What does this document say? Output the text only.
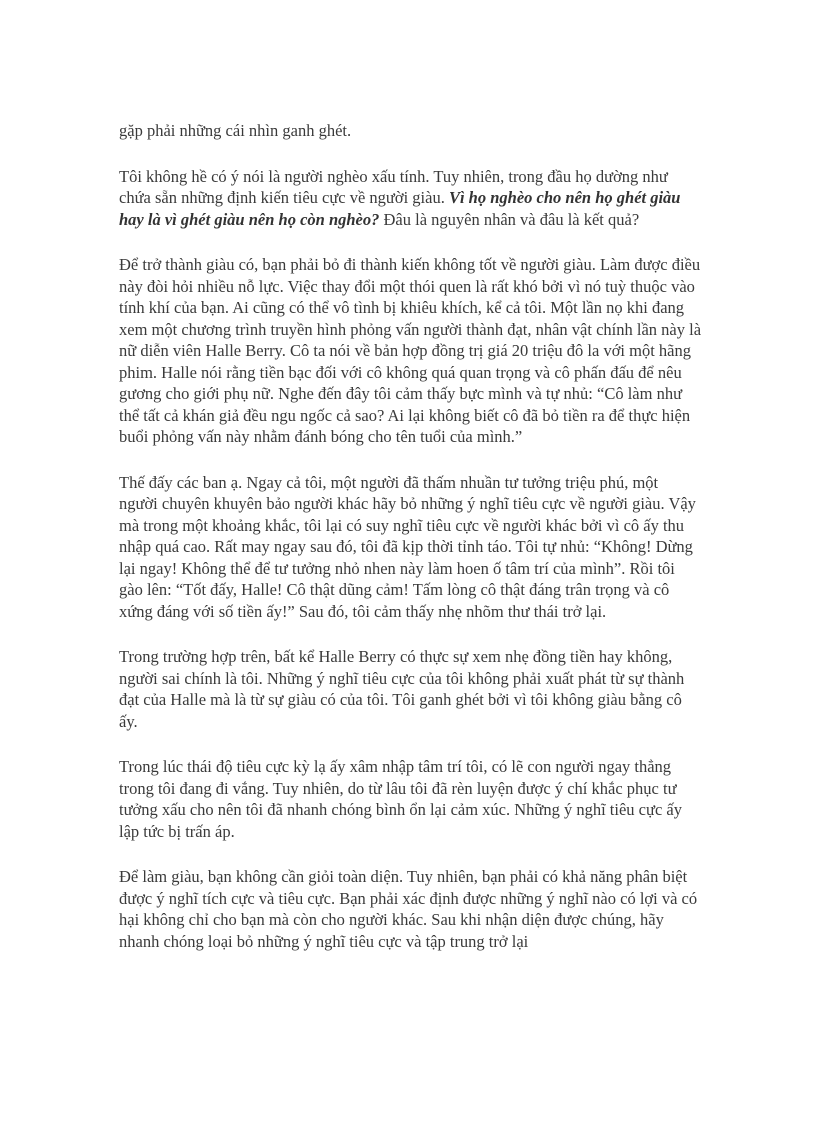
gặp phải những cái nhìn ganh ghét.

Tôi không hề có ý nói là người nghèo xấu tính. Tuy nhiên, trong đầu họ dường như chứa sẵn những định kiến tiêu cực về người giàu. Vì họ nghèo cho nên họ ghét giàu hay là vì ghét giàu nên họ còn nghèo? Đâu là nguyên nhân và đâu là kết quả?

Để trở thành giàu có, bạn phải bỏ đi thành kiến không tốt về người giàu. Làm được điều này đòi hỏi nhiều nỗ lực. Việc thay đổi một thói quen là rất khó bởi vì nó tuỳ thuộc vào tính khí của bạn. Ai cũng có thể vô tình bị khiêu khích, kể cả tôi. Một lần nọ khi đang xem một chương trình truyền hình phỏng vấn người thành đạt, nhân vật chính lần này là nữ diễn viên Halle Berry. Cô ta nói về bản hợp đồng trị giá 20 triệu đô la với một hãng phim. Halle nói rằng tiền bạc đối với cô không quá quan trọng và cô phấn đấu để nêu gương cho giới phụ nữ. Nghe đến đây tôi cảm thấy bực mình và tự nhủ: “Cô làm như thể tất cả khán giả đều ngu ngốc cả sao? Ai lại không biết cô đã bỏ tiền ra để thực hiện buổi phỏng vấn này nhằm đánh bóng cho tên tuổi của mình.”

Thế đấy các ban ạ. Ngay cả tôi, một người đã thấm nhuần tư tưởng triệu phú, một người chuyên khuyên bảo người khác hãy bỏ những ý nghĩ tiêu cực về người giàu. Vậy mà trong một khoảng khắc, tôi lại có suy nghĩ tiêu cực về người khác bởi vì cô ấy thu nhập quá cao. Rất may ngay sau đó, tôi đã kịp thời tỉnh táo. Tôi tự nhủ: “Không! Dừng lại ngay! Không thể để tư tưởng nhỏ nhen này làm hoen ố tâm trí của mình”. Rồi tôi gào lên: “Tốt đấy, Halle! Cô thật dũng cảm! Tấm lòng cô thật đáng trân trọng và cô xứng đáng với số tiền ấy!” Sau đó, tôi cảm thấy nhẹ nhõm thư thái trở lại.

Trong trường hợp trên, bất kể Halle Berry có thực sự xem nhẹ đồng tiền hay không, người sai chính là tôi. Những ý nghĩ tiêu cực của tôi không phải xuất phát từ sự thành đạt của Halle mà là từ sự giàu có của tôi. Tôi ganh ghét bởi vì tôi không giàu bằng cô ấy.

Trong lúc thái độ tiêu cực kỳ lạ ấy xâm nhập tâm trí tôi, có lẽ con người ngay thẳng trong tôi đang đi vắng. Tuy nhiên, do từ lâu tôi đã rèn luyện được ý chí khắc phục tư tưởng xấu cho nên tôi đã nhanh chóng bình ổn lại cảm xúc. Những ý nghĩ tiêu cực ấy lập tức bị trấn áp.

Để làm giàu, bạn không cần giỏi toàn diện. Tuy nhiên, bạn phải có khả năng phân biệt được ý nghĩ tích cực và tiêu cực. Bạn phải xác định được những ý nghĩ nào có lợi và có hại không chỉ cho bạn mà còn cho người khác. Sau khi nhận diện được chúng, hãy nhanh chóng loại bỏ những ý nghĩ tiêu cực và tập trung trở lại
